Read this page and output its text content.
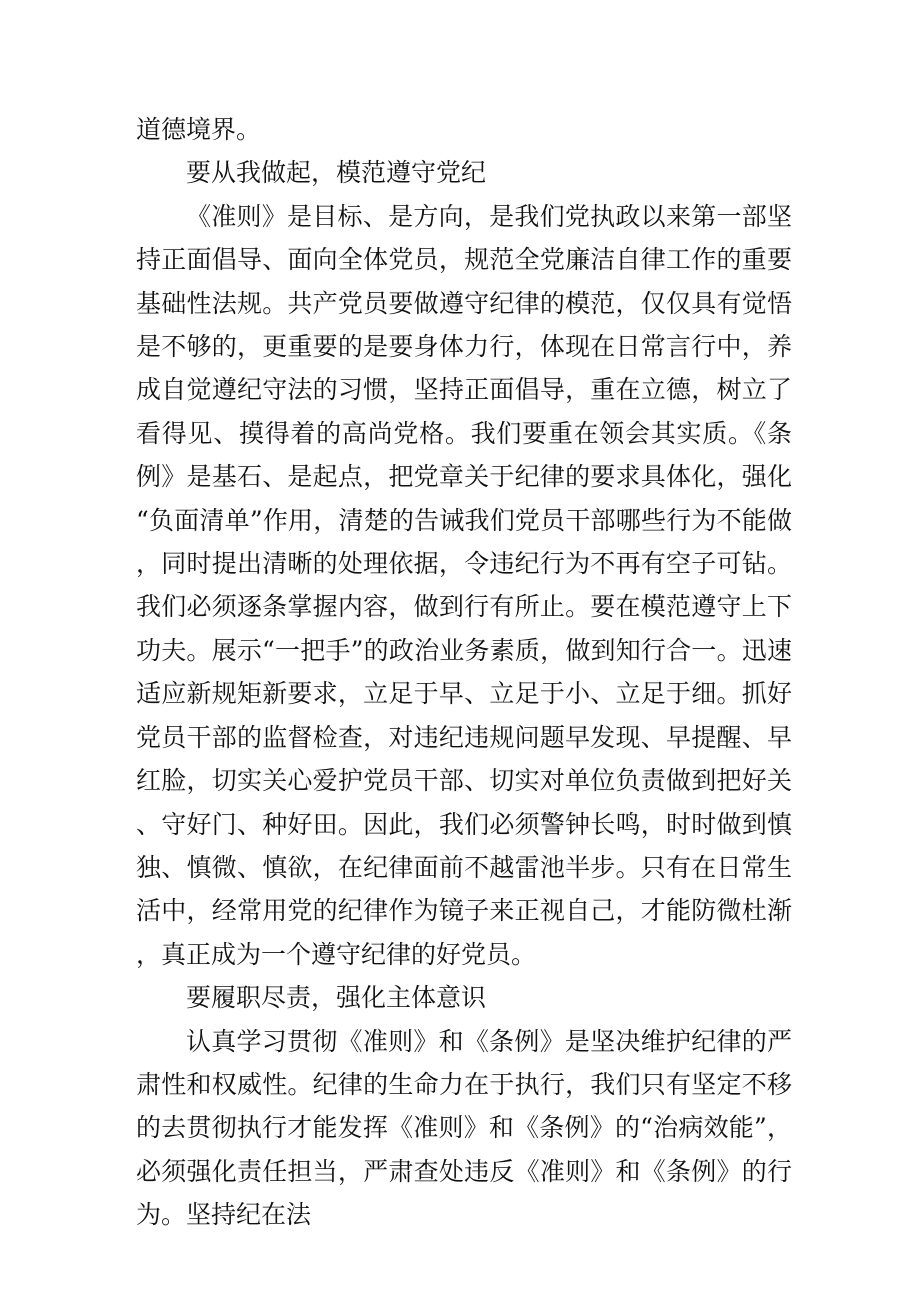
道德境界。

要从我做起，模范遵守党纪

《准则》是目标、是方向，是我们党执政以来第一部坚持正面倡导、面向全体党员，规范全党廉洁自律工作的重要基础性法规。共产党员要做遵守纪律的模范，仅仅具有觉悟是不够的，更重要的是要身体力行，体现在日常言行中，养成自觉遵纪守法的习惯，坚持正面倡导，重在立德，树立了看得见、摸得着的高尚党格。我们要重在领会其实质。《条例》是基石、是起点，把党章关于纪律的要求具体化，强化“负面清单”作用，清楚的告诫我们党员干部哪些行为不能做，同时提出清晰的处理依据，令违纪行为不再有空子可钻。我们必须逐条掌握内容，做到行有所止。要在模范遵守上下功夫。展示“一把手”的政治业务素质，做到知行合一。迅速适应新规矩新要求，立足于早、立足于小、立足于细。抓好党员干部的监督检查，对违纪违规问题早发现、早提醒、早红脸，切实关心爱护党员干部、切实对单位负责做到把好关、守好门、种好田。因此，我们必须警钟长鸣，时时做到慎独、慎微、慎欲，在纪律面前不越雷池半步。只有在日常生活中，经常用党的纪律作为镜子来正视自己，才能防微杜渐，真正成为一个遵守纪律的好党员。

要履职尽责，强化主体意识

认真学习贯彻《准则》和《条例》是坚决维护纪律的严肃性和权威性。纪律的生命力在于执行，我们只有坚定不移的去贯彻执行才能发挥《准则》和《条例》的“治病效能”，必须强化责任担当，严肃查处违反《准则》和《条例》的行为。坚持纪在法
